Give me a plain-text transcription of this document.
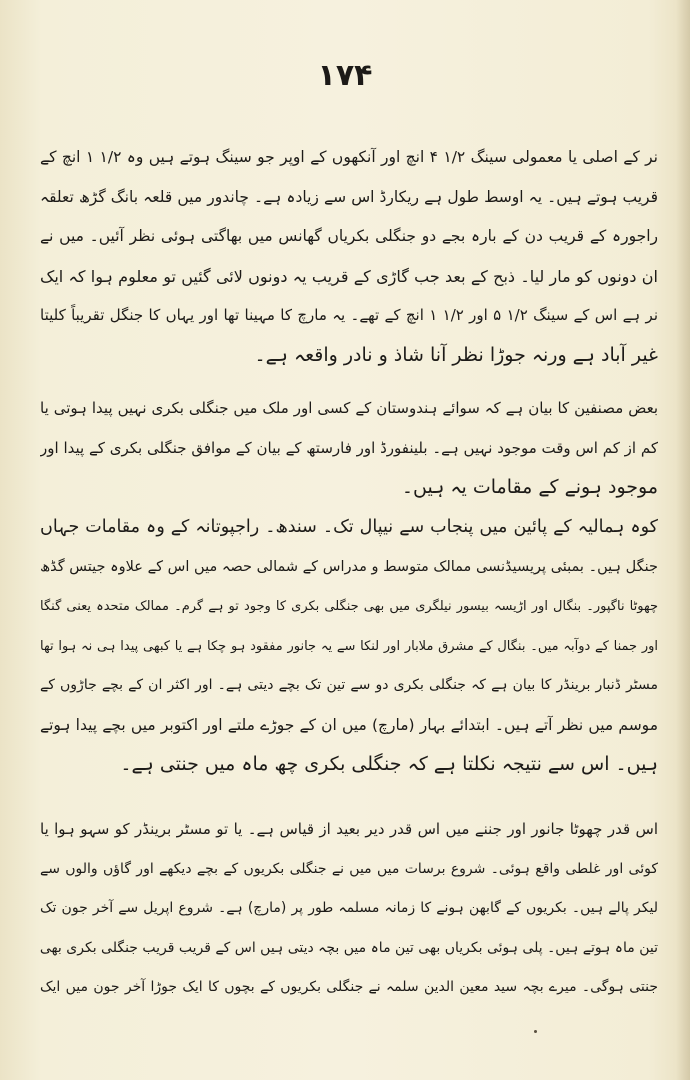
۱۷۴
نر کے اصلی یا معمولی سینگ ۱/۲ ۴ انچ اور آنکھوں کے اوپر جو سینگ ہوتے ہیں وہ ۱/۲ ۱ انچ کے
قریب ہوتے ہیں۔ یہ اوسط طول ہے ریکارڈ اس سے زیادہ ہے۔ چاندور میں قلعہ بانگ گڑھ تعلقہ
راجورہ کے قریب دن کے بارہ بجے دو جنگلی بکریاں گھانس میں بھاگتی ہوئی نظر آئیں۔ میں نے
ان دونوں کو مار لیا۔ ذبح کے بعد جب گاڑی کے قریب یہ دونوں لائی گئیں تو معلوم ہوا کہ ایک
نر ہے اس کے سینگ ۱/۲ ۵ اور ۱/۲ ۱ انچ کے تھے۔ یہ مارچ کا مہینا تھا اور یہاں کا جنگل تقریباً کلیتا
غیر آباد ہے ورنہ جوڑا نظر آنا شاذ و نادر واقعہ ہے۔
بعض مصنفین کا بیان ہے کہ سوائے ہندوستان کے کسی اور ملک میں جنگلی بکری نہیں پیدا ہوتی یا
کم از کم اس وقت موجود نہیں ہے۔ بلینفورڈ اور فارستھ کے بیان کے موافق جنگلی بکری کے پیدا اور
موجود ہونے کے مقامات یہ ہیں۔
کوہ ہمالیہ کے پائین میں پنجاب سے نیپال تک۔ سندھ۔ راجپوتانہ کے وہ مقامات جہاں
جنگل ہیں۔ بمبئی پریسیڈنسی ممالک متوسط و مدراس کے شمالی حصہ میں اس کے علاوہ جیتس گڈھ
چھوٹا ناگپور۔ بنگال اور اڑیسہ بیسور نیلگری میں بھی جنگلی بکری کا وجود تو ہے گرم۔ ممالک متحدہ یعنی گنگا
اور جمنا کے دوآبہ میں۔ بنگال کے مشرق ملابار اور لنکا سے یہ جانور مفقود ہو چکا ہے یا کبھی پیدا ہی نہ ہوا تھا
مسٹر ڈنبار برینڈر کا بیان ہے کہ جنگلی بکری دو سے تین تک بچے دیتی ہے۔ اور اکثر ان کے بچے جاڑوں کے
موسم میں نظر آتے ہیں۔ ابتدائے بہار (مارچ) میں ان کے جوڑے ملتے اور اکتوبر میں بچے پیدا ہوتے
ہیں۔ اس سے نتیجہ نکلتا ہے کہ جنگلی بکری چھ ماہ میں جنتی ہے۔
اس قدر چھوٹا جانور اور جننے میں اس قدر دیر بعید از قیاس ہے۔ یا تو مسٹر برینڈر کو سہو ہوا یا
کوئی اور غلطی واقع ہوئی۔ شروع برسات میں میں نے جنگلی بکریوں کے بچے دیکھے اور گاؤں والوں سے
لیکر پالے ہیں۔ بکریوں کے گابھن ہونے کا زمانہ مسلمہ طور پر (مارچ) ہے۔ شروع اپریل سے آخر جون تک
تین ماہ ہوتے ہیں۔ پلی ہوئی بکریاں بھی تین ماہ میں بچہ دیتی ہیں اس کے قریب قریب جنگلی بکری بھی
جنتی ہوگی۔ میرے بچہ سید معین الدین سلمہ نے جنگلی بکریوں کے بچوں کا ایک جوڑا آخر جون میں ایک
